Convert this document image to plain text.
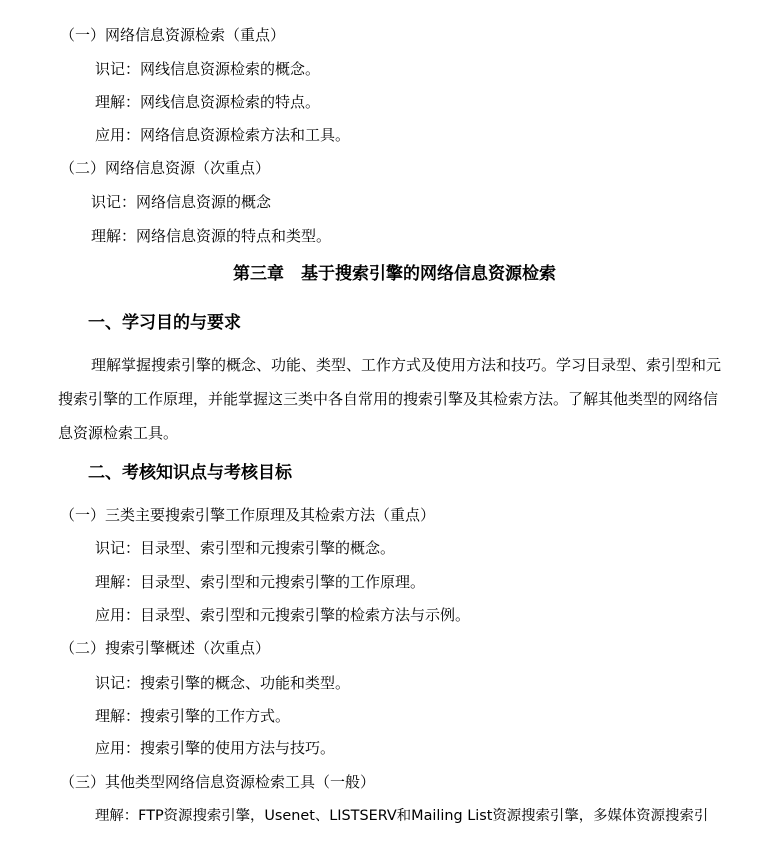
（一）网络信息资源检索（重点）
识记：网线信息资源检索的概念。
理解：网线信息资源检索的特点。
应用：网络信息资源检索方法和工具。
（二）网络信息资源（次重点）
识记：网络信息资源的概念
理解：网络信息资源的特点和类型。
第三章　基于搜索引擎的网络信息资源检索
一、学习目的与要求
理解掌握搜索引擎的概念、功能、类型、工作方式及使用方法和技巧。学习目录型、索引型和元
搜索引擎的工作原理，并能掌握这三类中各自常用的搜索引擎及其检索方法。了解其他类型的网络信
息资源检索工具。
二、考核知识点与考核目标
（一）三类主要搜索引擎工作原理及其检索方法（重点）
识记：目录型、索引型和元搜索引擎的概念。
理解：目录型、索引型和元搜索引擎的工作原理。
应用：目录型、索引型和元搜索引擎的检索方法与示例。
（二）搜索引擎概述（次重点）
识记：搜索引擎的概念、功能和类型。
理解：搜索引擎的工作方式。
应用：搜索引擎的使用方法与技巧。
（三）其他类型网络信息资源检索工具（一般）
理解：FTP资源搜索引擎，Usenet、LISTSERV和Mailing List资源搜索引擎，多媒体资源搜索引
